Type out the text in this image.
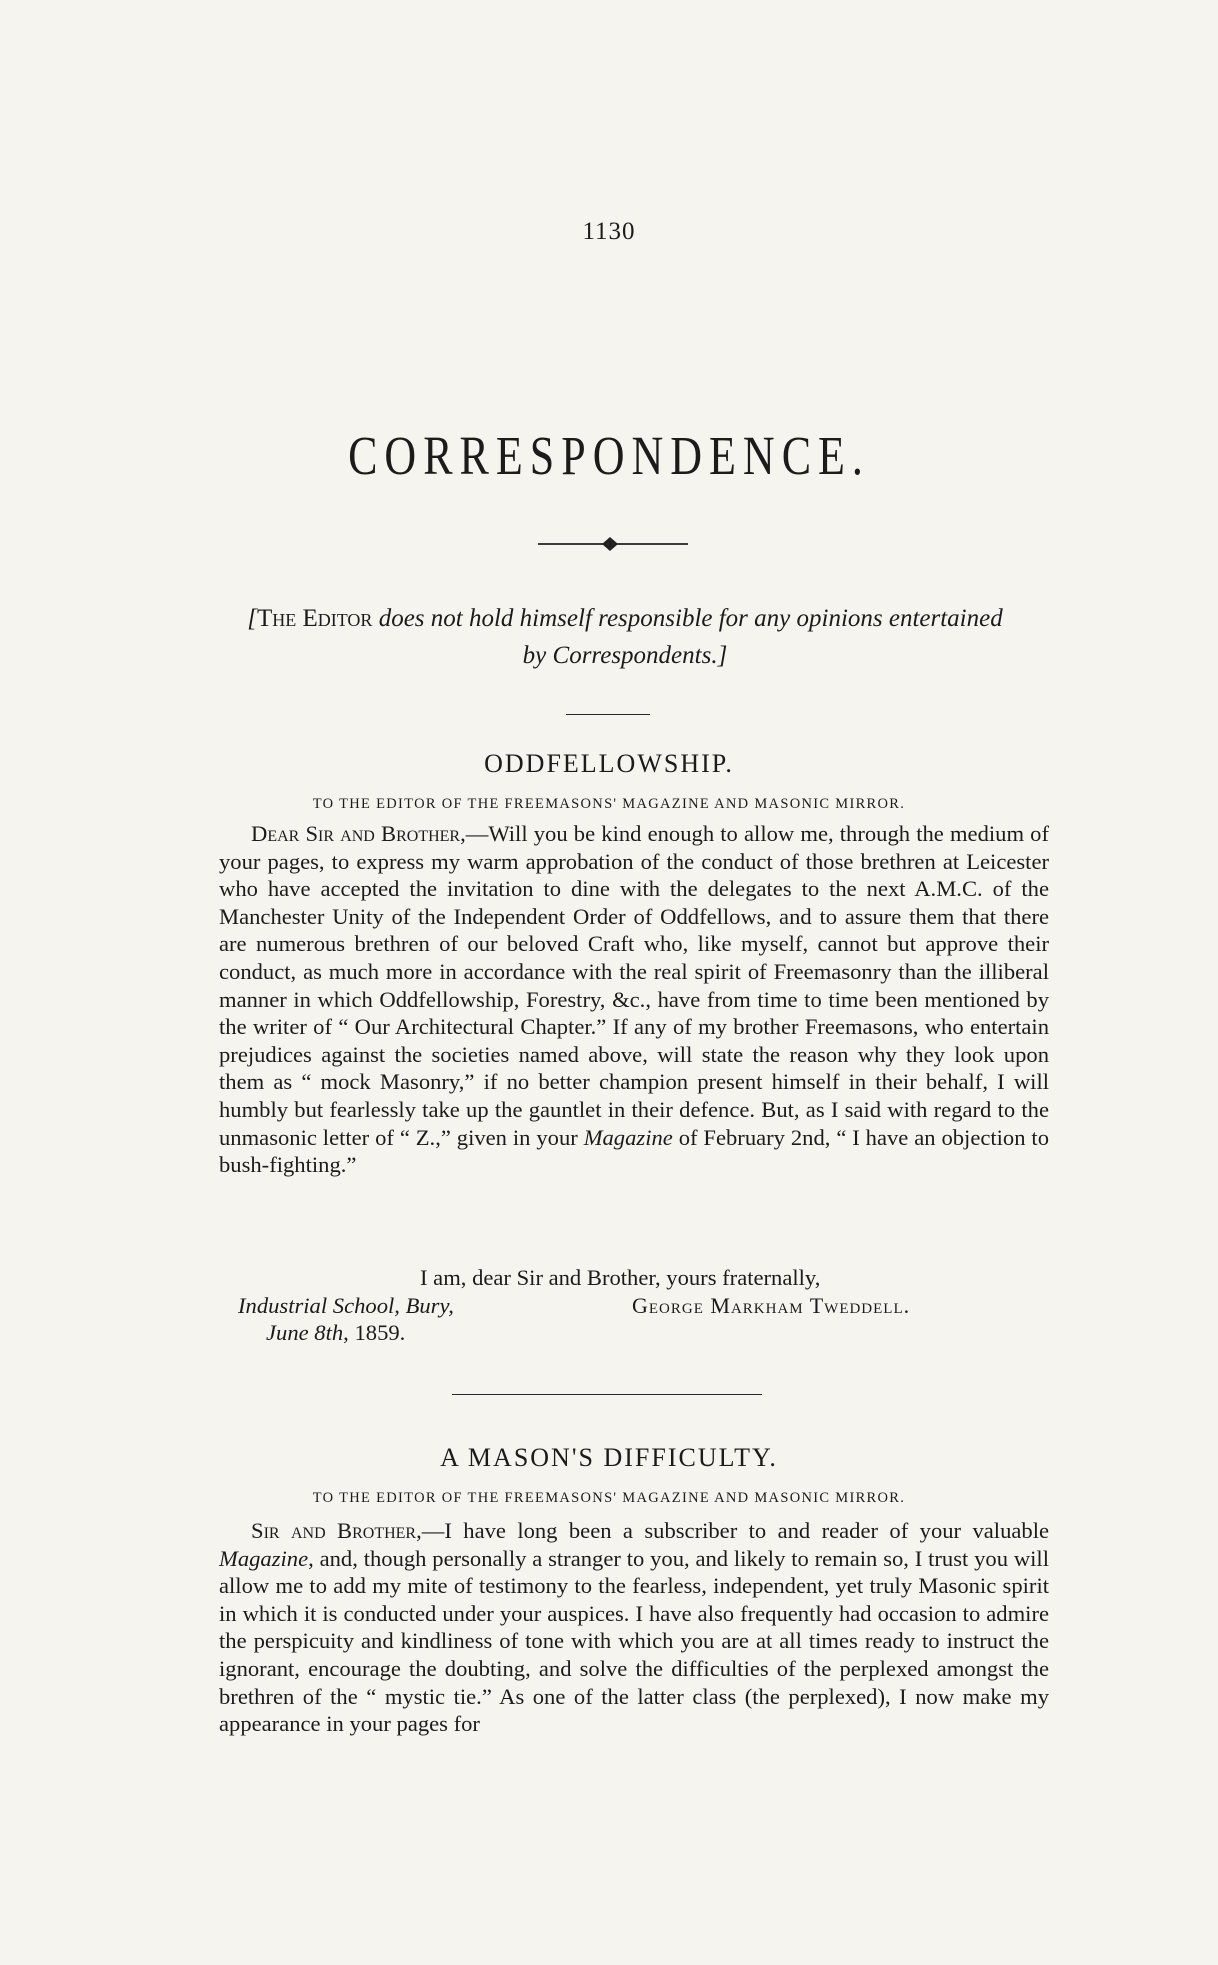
1130
CORRESPONDENCE.
[The Editor does not hold himself responsible for any opinions entertained by Correspondents.]
ODDFELLOWSHIP.
TO THE EDITOR OF THE FREEMASONS' MAGAZINE AND MASONIC MIRROR.

Dear Sir and Brother,—Will you be kind enough to allow me, through the medium of your pages, to express my warm approbation of the conduct of those brethren at Leicester who have accepted the invitation to dine with the delegates to the next A.M.C. of the Manchester Unity of the Independent Order of Oddfellows, and to assure them that there are numerous brethren of our beloved Craft who, like myself, cannot but approve their conduct, as much more in accordance with the real spirit of Freemasonry than the illiberal manner in which Oddfellowship, Forestry, &c., have from time to time been mentioned by the writer of “ Our Architectural Chapter.” If any of my brother Freemasons, who entertain prejudices against the societies named above, will state the reason why they look upon them as “ mock Masonry,” if no better champion present himself in their behalf, I will humbly but fearlessly take up the gauntlet in their defence. But, as I said with regard to the unmasonic letter of “ Z.,” given in your Magazine of February 2nd, “ I have an objection to bush-fighting.”

I am, dear Sir and Brother, yours fraternally,
Industrial School, Bury,
June 8th, 1859.
George Markham Tweddell.
A MASON'S DIFFICULTY.
TO THE EDITOR OF THE FREEMASONS' MAGAZINE AND MASONIC MIRROR.

Sir and Brother,—I have long been a subscriber to and reader of your valuable Magazine, and, though personally a stranger to you, and likely to remain so, I trust you will allow me to add my mite of testimony to the fearless, independent, yet truly Masonic spirit in which it is conducted under your auspices. I have also frequently had occasion to admire the perspicuity and kindliness of tone with which you are at all times ready to instruct the ignorant, encourage the doubting, and solve the difficulties of the perplexed amongst the brethren of the “ mystic tie.” As one of the latter class (the perplexed), I now make my appearance in your pages for
